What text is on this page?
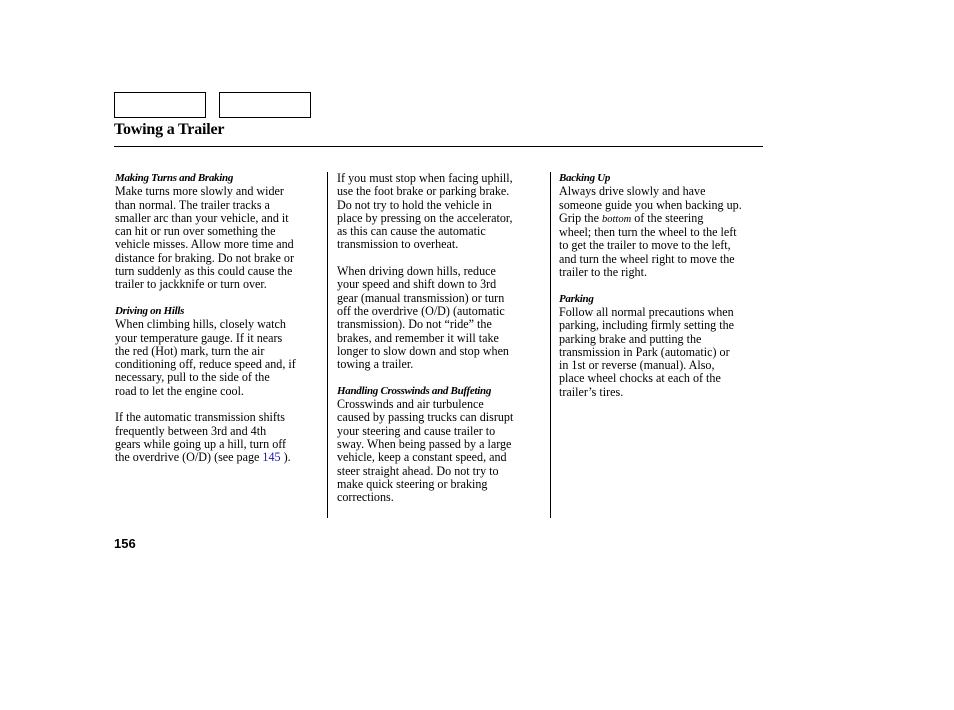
Towing a Trailer
Making Turns and Braking

Make turns more slowly and wider
than normal. The trailer tracks a
smaller arc than your vehicle, and it
can hit or run over something the
vehicle misses. Allow more time and
distance for braking. Do not brake or
turn suddenly as this could cause the
trailer to jackknife or turn over.

Driving on Hills

When climbing hills, closely watch
your temperature gauge. If it nears
the red (Hot) mark, turn the air
conditioning off, reduce speed and, if
necessary, pull to the side of the
road to let the engine cool.

If the automatic transmission shifts
frequently between 3rd and 4th
gears while going up a hill, turn off
the overdrive (O/D) (see page 145 ).

If you must stop when facing uphill,
use the foot brake or parking brake.
Do not try to hold the vehicle in
place by pressing on the accelerator,
as this can cause the automatic
transmission to overheat.

When driving down hills, reduce
your speed and shift down to 3rd
gear (manual transmission) or turn
off the overdrive (O/D) (automatic
transmission). Do not “ride” the
brakes, and remember it will take
longer to slow down and stop when
towing a trailer.

Handling Crosswinds and Buffeting

Crosswinds and air turbulence
caused by passing trucks can disrupt
your steering and cause trailer to
sway. When being passed by a large
vehicle, keep a constant speed, and
steer straight ahead. Do not try to
make quick steering or braking
corrections.

Backing Up

Always drive slowly and have
someone guide you when backing up.
Grip the bottom of the steering
wheel; then turn the wheel to the left
to get the trailer to move to the left,
and turn the wheel right to move the
trailer to the right.

Parking

Follow all normal precautions when
parking, including firmly setting the
parking brake and putting the
transmission in Park (automatic) or
in 1st or reverse (manual). Also,
place wheel chocks at each of the
trailer’s tires.

156
